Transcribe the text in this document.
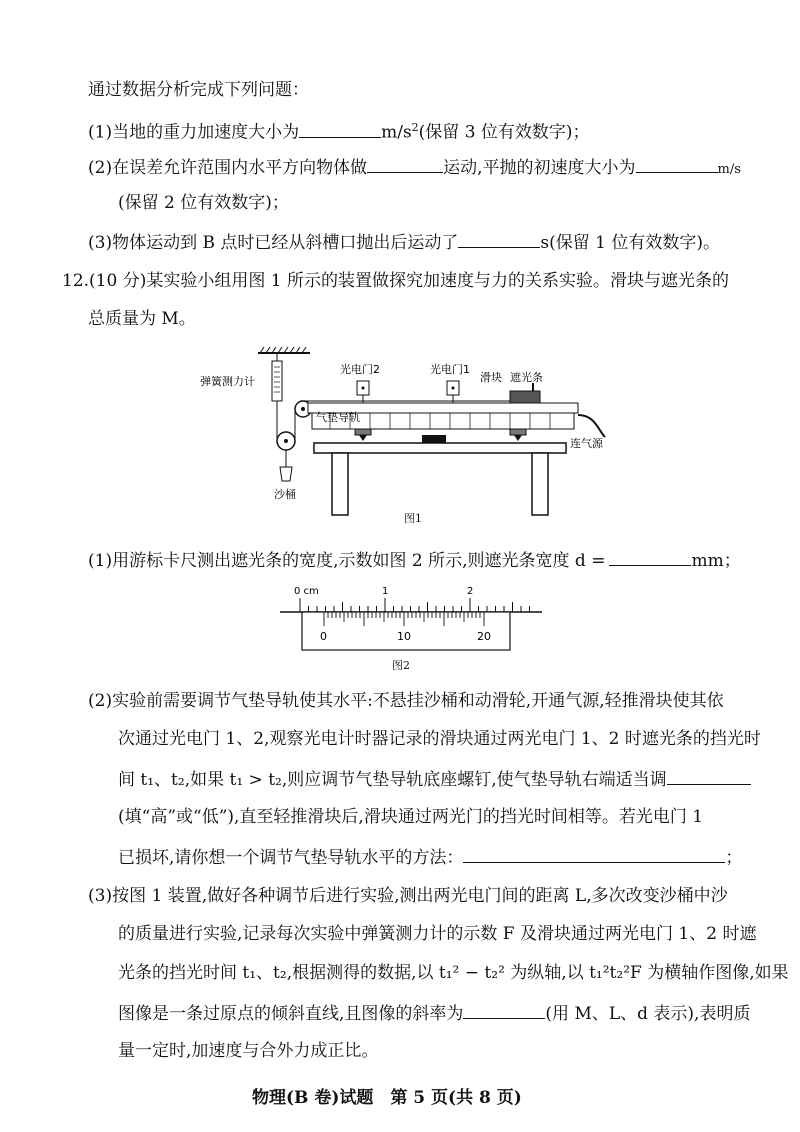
通过数据分析完成下列问题：
(1)当地的重力加速度大小为	$m/s^2$(保留 3 位有效数字)；
(2)在误差允许范围内水平方向物体做	运动,平抛的初速度大小为	m/s
(保留 2 位有效数字)；
(3)物体运动到 B 点时已经从斜槽口抛出后运动了	s(保留 1 位有效数字)。
12.(10 分)某实验小组用图 1 所示的装置做探究加速度与力的关系实验。滑块与遮光条的
总质量为 M。
弹簧测力计
沙桶
气垫导轨
光电门2	光电门1
滑块 遮光条
连气源
图1
(1)用游标卡尺测出遮光条的宽度,示数如图 2 所示,则遮光条宽度 d =	mm；
0 cm	1	2
0	10	20
图2
(2)实验前需要调节气垫导轨使其水平:不悬挂沙桶和动滑轮,开通气源,轻推滑块使其依
次通过光电门 1、2,观察光电计时器记录的滑块通过两光电门 1、2 时遮光条的挡光时
间 t₁、t₂,如果 t₁ > t₂,则应调节气垫导轨底座螺钉,使气垫导轨右端适当调
(填“高”或“低”),直至轻推滑块后,滑块通过两光门的挡光时间相等。若光电门 1
已损坏,请你想一个调节气垫导轨水平的方法：	；
(3)按图 1 装置,做好各种调节后进行实验,测出两光电门间的距离 L,多次改变沙桶中沙
的质量进行实验,记录每次实验中弹簧测力计的示数 F 及滑块通过两光电门 1、2 时遮
光条的挡光时间 t₁、t₂,根据测得的数据,以 t₁² − t₂² 为纵轴,以 t₁²t₂²F 为横轴作图像,如果
图像是一条过原点的倾斜直线,且图像的斜率为	(用 M、L、d 表示),表明质
量一定时,加速度与合外力成正比。
物理(B 卷)试题　第 5 页(共 8 页)
